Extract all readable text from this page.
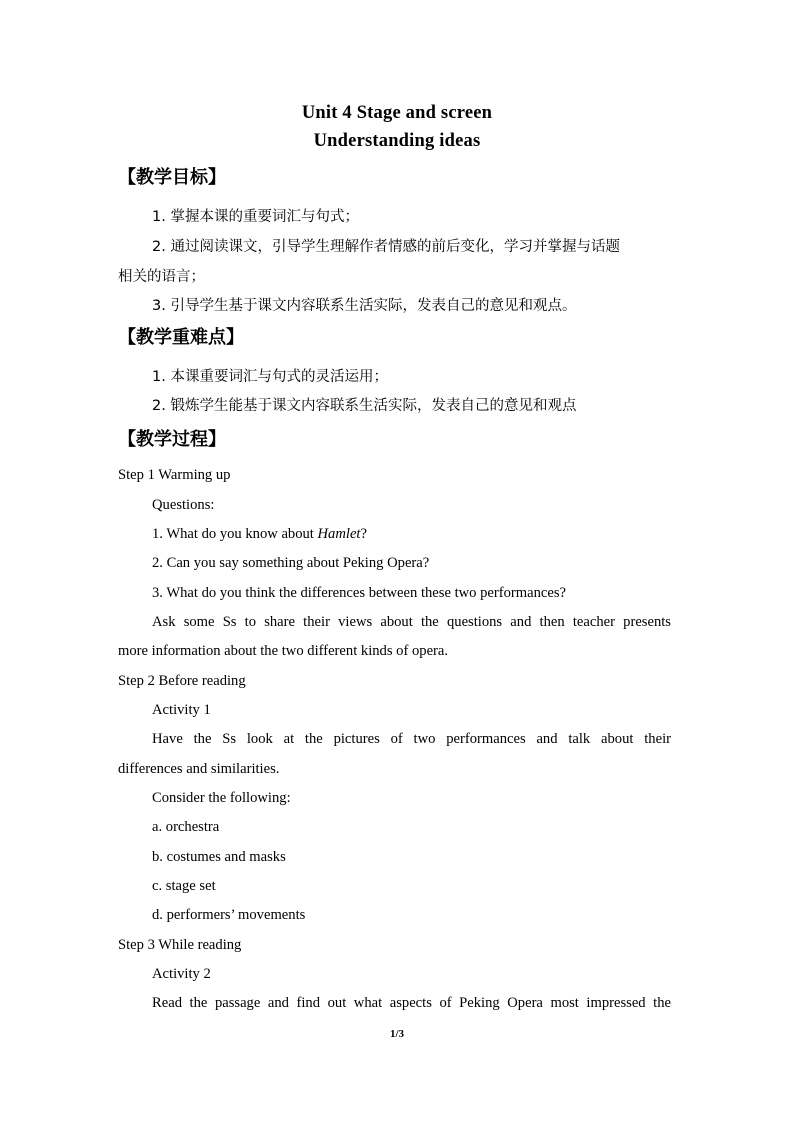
Unit 4 Stage and screen
Understanding ideas
【教学目标】
1. 掌握本课的重要词汇与句式；
2. 通过阅读课文，引导学生理解作者情感的前后变化，学习并掌握与话题
相关的语言；
3. 引导学生基于课文内容联系生活实际，发表自己的意见和观点。
【教学重难点】
1. 本课重要词汇与句式的灵活运用；
2. 锻炼学生能基于课文内容联系生活实际，发表自己的意见和观点
【教学过程】
Step 1 Warming up
Questions:
1. What do you know about Hamlet?
2. Can you say something about Peking Opera?
3. What do you think the differences between these two performances?
Ask some Ss to share their views about the questions and then teacher presents
more information about the two different kinds of opera.
Step 2 Before reading
Activity 1
Have the Ss look at the pictures of two performances and talk about their
differences and similarities.
Consider the following:
a. orchestra
b. costumes and masks
c. stage set
d. performers’ movements
Step 3 While reading
Activity 2
Read the passage and find out what aspects of Peking Opera most impressed the
1/3
